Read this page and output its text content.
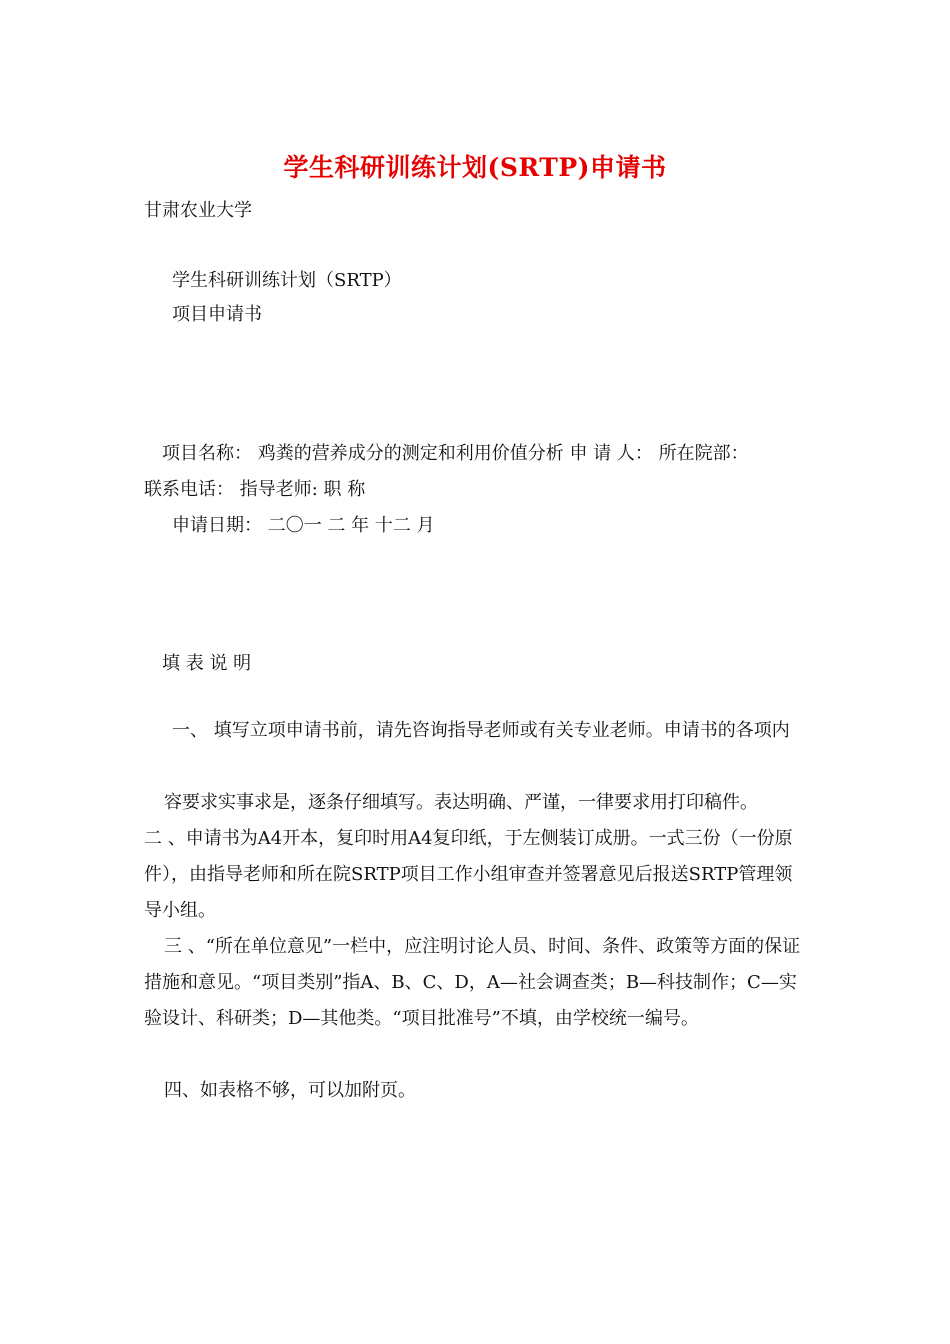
学生科研训练计划(SRTP)申请书
甘肃农业大学
学生科研训练计划（SRTP）
项目申请书
项目名称： 鸡粪的营养成分的测定和利用价值分析 申 请 人： 所在院部：
联系电话： 指导老师: 职 称
申请日期： 二〇一 二 年 十二 月
填 表 说 明

一、 填写立项申请书前，请先咨询指导老师或有关专业老师。申请书的各项内

容要求实事求是，逐条仔细填写。表达明确、严谨，一律要求用打印稿件。

二 、申请书为A4开本，复印时用A4复印纸，于左侧装订成册。一式三份（一份原件），由指导老师和所在院SRTP项目工作小组审查并签署意见后报送SRTP管理领导小组。

三 、“所在单位意见”一栏中，应注明讨论人员、时间、条件、政策等方面的保证措施和意见。“项目类别”指A、B、C、D，A—社会调查类；B—科技制作；C—实验设计、科研类；D—其他类。“项目批准号”不填，由学校统一编号。

四、如表格不够，可以加附页。
